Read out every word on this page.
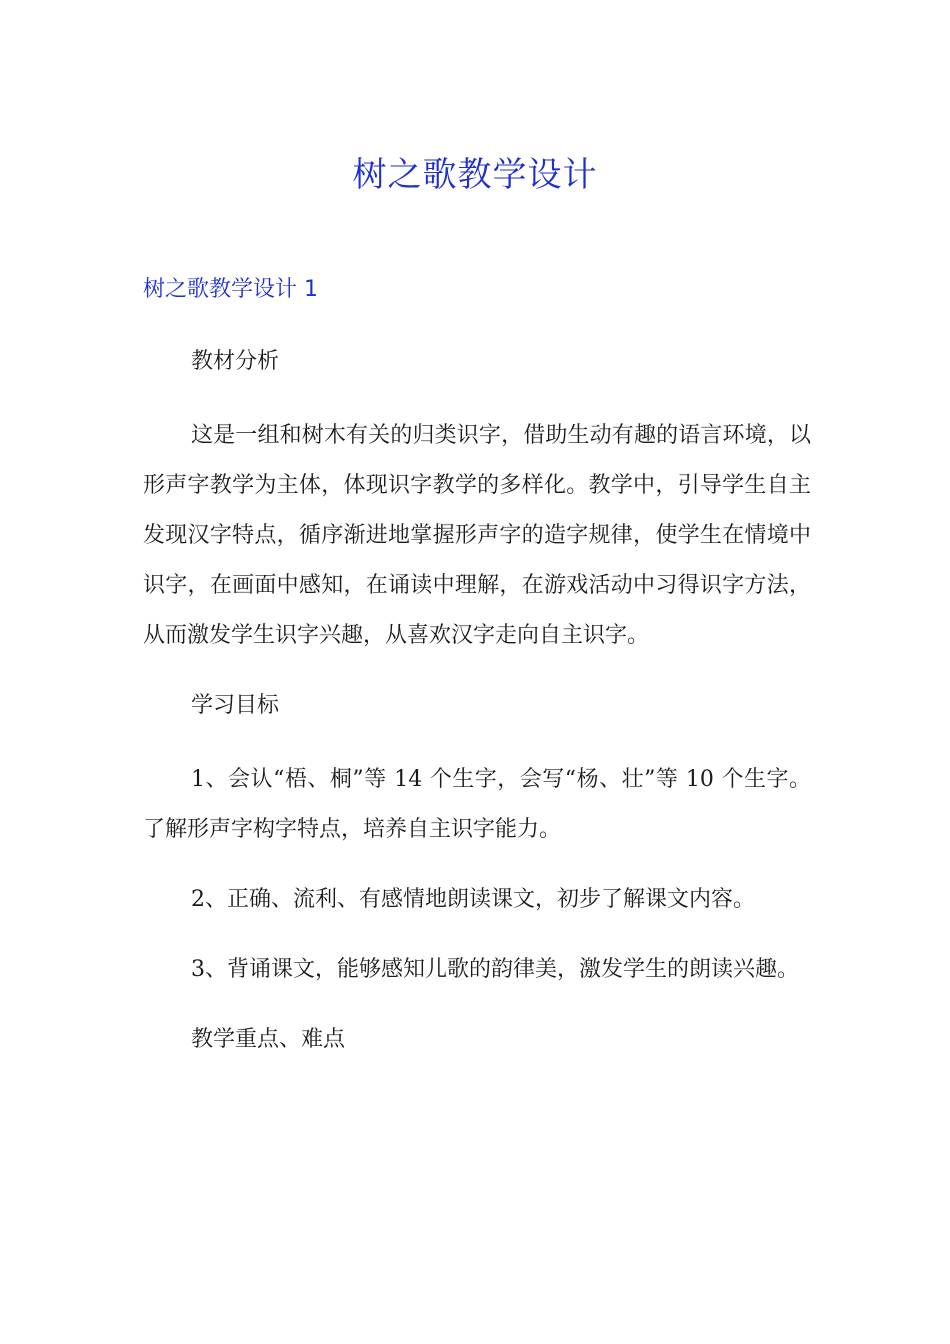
树之歌教学设计
树之歌教学设计 1

教材分析

这是一组和树木有关的归类识字，借助生动有趣的语言环境，以形声字教学为主体，体现识字教学的多样化。教学中，引导学生自主发现汉字特点，循序渐进地掌握形声字的造字规律，使学生在情境中识字，在画面中感知，在诵读中理解，在游戏活动中习得识字方法，从而激发学生识字兴趣，从喜欢汉字走向自主识字。

学习目标

1、会认“梧、桐”等 14 个生字，会写“杨、壮”等 10 个生字。了解形声字构字特点，培养自主识字能力。

2、正确、流利、有感情地朗读课文，初步了解课文内容。

3、背诵课文，能够感知儿歌的韵律美，激发学生的朗读兴趣。

教学重点、难点
